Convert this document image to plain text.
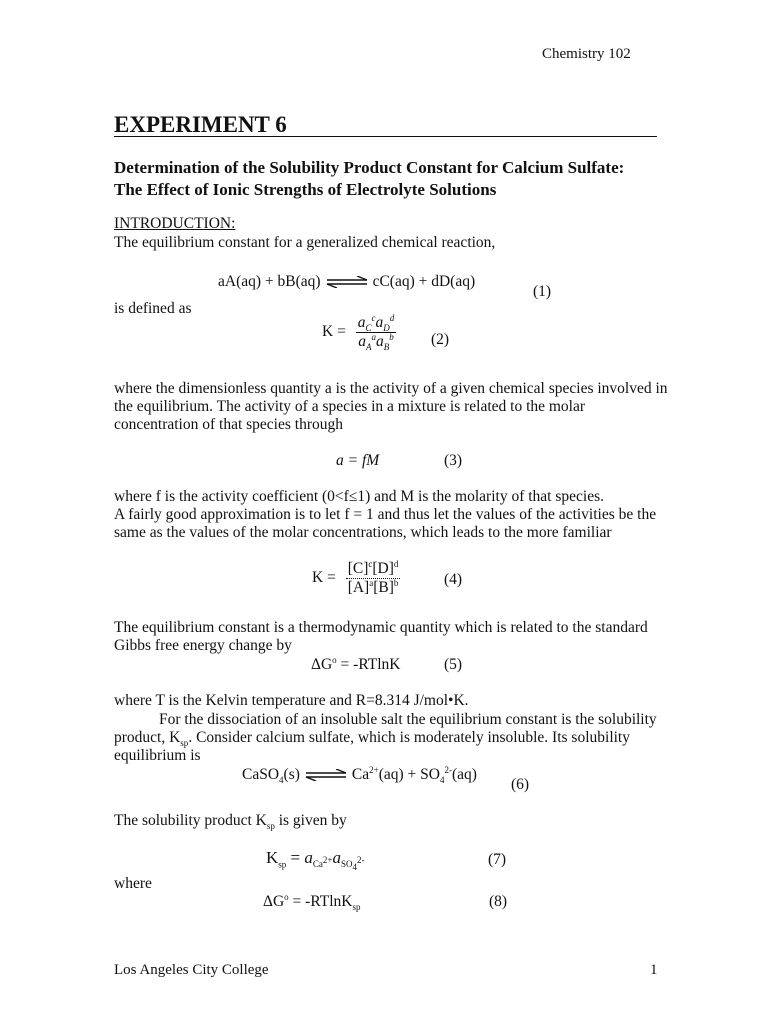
Chemistry 102
EXPERIMENT 6
Determination of the Solubility Product Constant for Calcium Sulfate:
The Effect of Ionic Strengths of Electrolyte Solutions
INTRODUCTION:
The equilibrium constant for a generalized chemical reaction,
aA(aq) + bB(aq) ⇌ cC(aq) + dD(aq)
(1)
is defined as
$K = \frac{a_C^ca_D^d}{a_A^aa_B^b} (2)$
where the dimensionless quantity a is the activity of a given chemical species involved in
the equilibrium. The activity of a species in a mixture is related to the molar
concentration of that species through
a = fM	(3)
where f is the activity coefficient (0<f≤1) and M is the molarity of that species.
A fairly good approximation is to let f = 1 and thus let the values of the activities be the
same as the values of the molar concentrations, which leads to the more familiar
$K = \frac{[C]^c[D]^d}{[A]^a[B]^b}$	(4)
The equilibrium constant is a thermodynamic quantity which is related to the standard
Gibbs free energy change by
$\Delta G^o = -RTlnK$	(5)
where T is the Kelvin temperature and R=8.314 J/mol•K.
For the dissociation of an insoluble salt the equilibrium constant is the solubility
product, $K_{sp}$. Consider calcium sulfate, which is moderately insoluble. Its solubility
equilibrium is
CaSO$_4$(s) ⇌ $Ca^{2+}(aq) + SO_4^{2-}(aq)$
(6)
The solubility product $K_{sp}$ is given by
$K_{sp} = a_{Ca^{2+}}a_{SO_4^{2-}}$	(7)
where
$\Delta G^o = -RTlnK_{sp}$	(8)
Los Angeles City College	1
